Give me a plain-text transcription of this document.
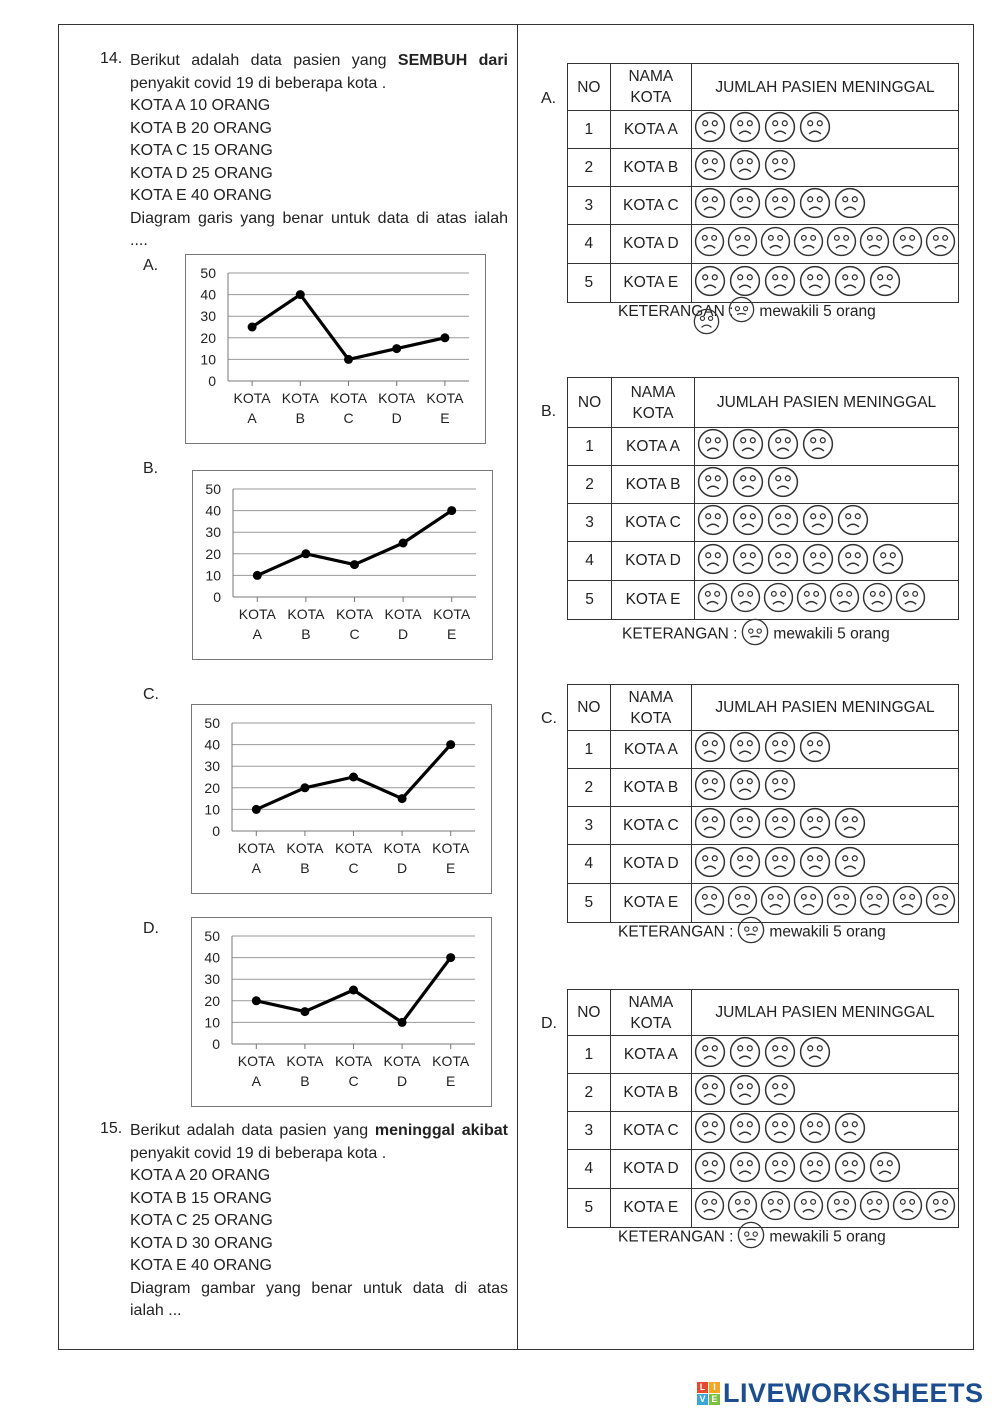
14. Berikut adalah data pasien yang SEMBUH dari
penyakit covid 19 di beberapa kota .
KOTA A 10 ORANG
KOTA B 20 ORANG
KOTA C 15 ORANG
KOTA D 25 ORANG
KOTA E 40 ORANG
Diagram garis yang benar untuk data di atas ialah
....
A.
0
10
20
30
40
50
KOTA
A
KOTA
B
KOTA
C
KOTA
D
KOTA
E
B.
0
10
20
30
40
50
KOTA
A
KOTA
B
KOTA
C
KOTA
D
KOTA
E
C.
0
10
20
30
40
50
KOTA
A
KOTA
B
KOTA
C
KOTA
D
KOTA
E
D.
0
10
20
30
40
50
KOTA
A
KOTA
B
KOTA
C
KOTA
D
KOTA
E
15. Berikut adalah data pasien yang meninggal akibat
penyakit covid 19 di beberapa kota .
KOTA A 20 ORANG
KOTA B 15 ORANG
KOTA C 25 ORANG
KOTA D 30 ORANG
KOTA E 40 ORANG
Diagram gambar yang benar untuk data di atas
ialah ...
A.
NO	NAMA
KOTA	JUMLAH PASIEN MENINGGAL
1	KOTA A	
2	KOTA B	
3	KOTA C	
4	KOTA D	
5	KOTA E	
KETERANGAN : mewakili 5 orang
B.
NO	NAMA
KOTA	JUMLAH PASIEN MENINGGAL
1	KOTA A	
2	KOTA B	
3	KOTA C	
4	KOTA D	
5	KOTA E	
KETERANGAN : mewakili 5 orang
C.
NO	NAMA
KOTA	JUMLAH PASIEN MENINGGAL
1	KOTA A	
2	KOTA B	
3	KOTA C	
4	KOTA D	
5	KOTA E	
KETERANGAN : mewakili 5 orang
D.
NO	NAMA
KOTA	JUMLAH PASIEN MENINGGAL
1	KOTA A	
2	KOTA B	
3	KOTA C	
4	KOTA D	
5	KOTA E	
KETERANGAN : mewakili 5 orang
L I
V E LIVEWORKSHEETS
